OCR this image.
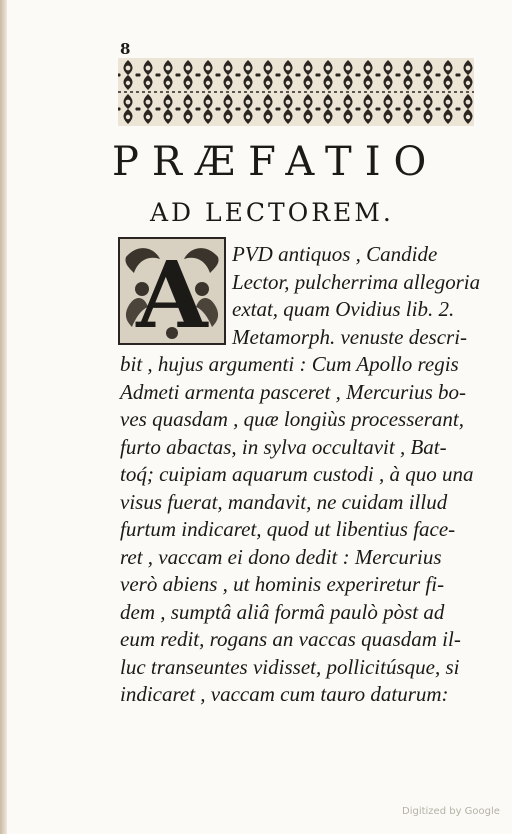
8
PRÆFATIO
AD LECTOREM.
A PVD antiquos , Candide
Lector, pulcherrima allegoria
extat, quam Ovidius lib. 2.
Metamorph. venuste descri-
bit , hujus argumenti : Cum Apollo regis
Admeti armenta pasceret , Mercurius bo-
ves quasdam , quæ longiùs processerant,
furto abactas, in sylva occultavit , Bat-
toq́; cuipiam aquarum custodi , à quo una
visus fuerat, mandavit, ne cuidam illud
furtum indicaret, quod ut libentius face-
ret , vaccam ei dono dedit : Mercurius
verò abiens , ut hominis experiretur fi-
dem , sumptâ aliâ formâ paulò pòst ad
eum redit, rogans an vaccas quasdam il-
luc transeuntes vidisset, pollicitúsque, si
indicaret , vaccam cum tauro daturum:
Digitized by Google
